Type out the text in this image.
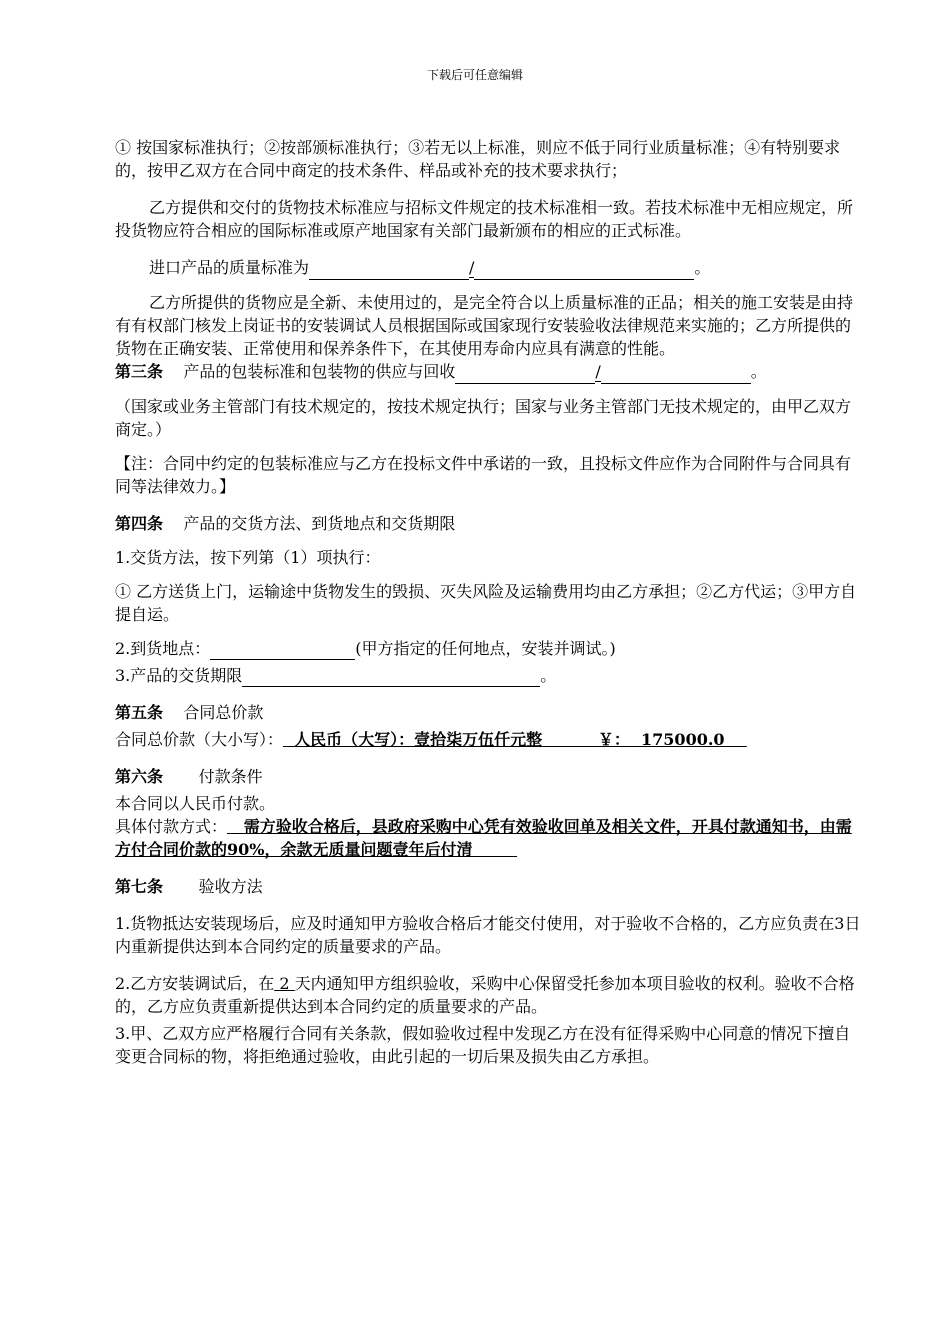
下载后可任意编辑

① 按国家标准执行；②按部颁标准执行；③若无以上标准，则应不低于同行业质量标准；④有特别要求的，按甲乙双方在合同中商定的技术条件、样品或补充的技术要求执行；

乙方提供和交付的货物技术标准应与招标文件规定的技术标准相一致。若技术标准中无相应规定，所投货物应符合相应的国际标准或原产地国家有关部门最新颁布的相应的正式标准。

进口产品的质量标准为	/	。

乙方所提供的货物应是全新、未使用过的，是完全符合以上质量标准的正品；相关的施工安装是由持有有权部门核发上岗证书的安装调试人员根据国际或国家现行安装验收法律规范来实施的；乙方所提供的货物在正确安装、正常使用和保养条件下，在其使用寿命内应具有满意的性能。

第三条 产品的包装标准和包装物的供应与回收	/	。

（国家或业务主管部门有技术规定的，按技术规定执行；国家与业务主管部门无技术规定的，由甲乙双方商定。）

【注：合同中约定的包装标准应与乙方在投标文件中承诺的一致，且投标文件应作为合同附件与合同具有同等法律效力。】

第四条 产品的交货方法、到货地点和交货期限

1.交货方法，按下列第（1）项执行：

① 乙方送货上门，运输途中货物发生的毁损、灭失风险及运输费用均由乙方承担；②乙方代运；③甲方自提自运。

2.到货地点：	(甲方指定的任何地点，安装并调试。)

3.产品的交货期限	。

第五条 合同总价款

合同总价款（大小写）： 人民币（大写）：壹拾柒万伍仟元整	￥： 175000.0

第六条 付款条件

本合同以人民币付款。

具体付款方式： 需方验收合格后，县政府采购中心凭有效验收回单及相关文件，开具付款通知书，由需方付合同价款的90%，余款无质量问题壹年后付清

第七条 验收方法

1.货物抵达安装现场后，应及时通知甲方验收合格后才能交付使用，对于验收不合格的，乙方应负责在3日内重新提供达到本合同约定的质量要求的产品。

2.乙方安装调试后，在 2 天内通知甲方组织验收，采购中心保留受托参加本项目验收的权利。验收不合格的，乙方应负责重新提供达到本合同约定的质量要求的产品。

3.甲、乙双方应严格履行合同有关条款，假如验收过程中发现乙方在没有征得采购中心同意的情况下擅自变更合同标的物，将拒绝通过验收，由此引起的一切后果及损失由乙方承担。
